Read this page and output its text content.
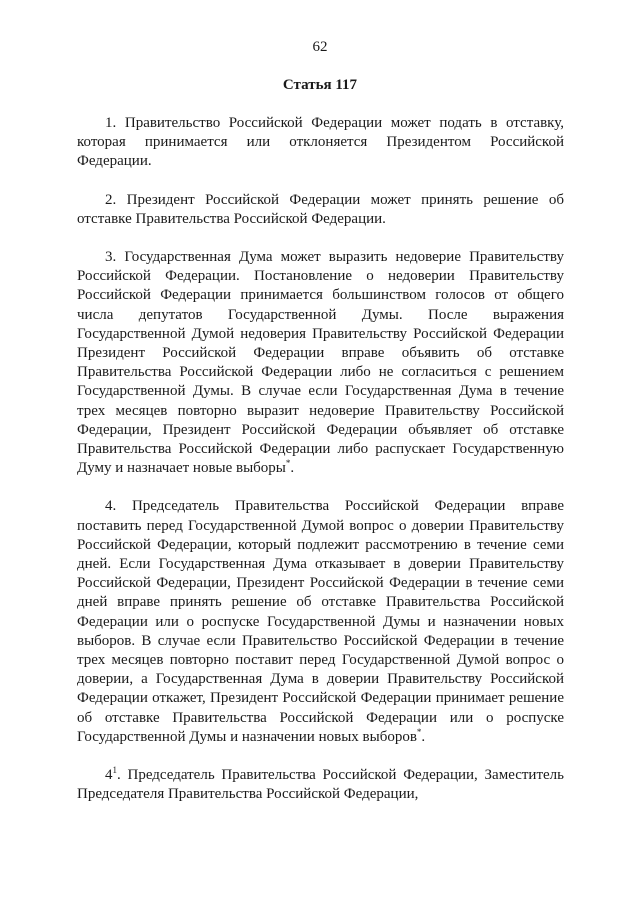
62
Статья 117

1. Правительство Российской Федерации может подать в отставку, которая принимается или отклоняется Президентом Российской Федерации.

2. Президент Российской Федерации может принять решение об отставке Правительства Российской Федерации.

3. Государственная Дума может выразить недоверие Правительству Российской Федерации. Постановление о недоверии Правительству Российской Федерации принимается большинством голосов от общего числа депутатов Государственной Думы. После выражения Государственной Думой недоверия Правительству Российской Федерации Президент Российской Федерации вправе объявить об отставке Правительства Российской Федерации либо не согласиться с решением Государственной Думы. В случае если Государственная Дума в течение трех месяцев повторно выразит недоверие Правительству Российской Федерации, Президент Российской Федерации объявляет об отставке Правительства Российской Федерации либо распускает Государственную Думу и назначает новые выборы*.

4. Председатель Правительства Российской Федерации вправе поставить перед Государственной Думой вопрос о доверии Правительству Российской Федерации, который подлежит рассмотрению в течение семи дней. Если Государственная Дума отказывает в доверии Правительству Российской Федерации, Президент Российской Федерации в течение семи дней вправе принять решение об отставке Правительства Российской Федерации или о роспуске Государственной Думы и назначении новых выборов. В случае если Правительство Российской Федерации в течение трех месяцев повторно поставит перед Государственной Думой вопрос о доверии, а Государственная Дума в доверии Правительству Российской Федерации откажет, Президент Российской Федерации принимает решение об отставке Правительства Российской Федерации или о роспуске Государственной Думы и назначении новых выборов*.

$4^1$. Председатель Правительства Российской Федерации, Заместитель Председателя Правительства Российской Федерации,
